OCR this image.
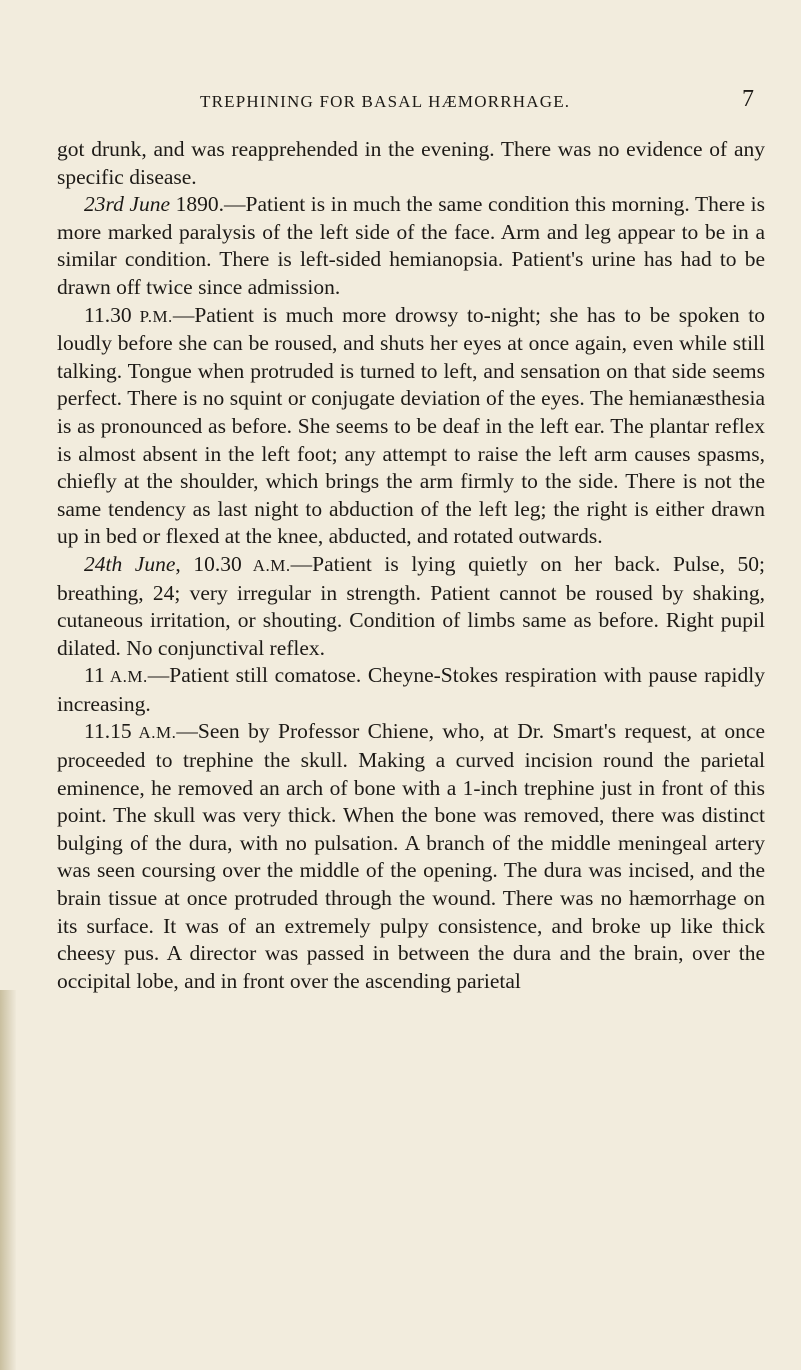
TREPHINING FOR BASAL HÆMORRHAGE.	7

got drunk, and was reapprehended in the evening. There was no evidence of any specific disease.

23rd June 1890.—Patient is in much the same condition this morning. There is more marked paralysis of the left side of the face. Arm and leg appear to be in a similar condition. There is left-sided hemianopsia. Patient's urine has had to be drawn off twice since admission.

11.30 P.M.—Patient is much more drowsy to-night; she has to be spoken to loudly before she can be roused, and shuts her eyes at once again, even while still talking. Tongue when protruded is turned to left, and sensation on that side seems perfect. There is no squint or conjugate deviation of the eyes. The hemianæsthesia is as pronounced as before. She seems to be deaf in the left ear. The plantar reflex is almost absent in the left foot; any attempt to raise the left arm causes spasms, chiefly at the shoulder, which brings the arm firmly to the side. There is not the same tendency as last night to abduction of the left leg; the right is either drawn up in bed or flexed at the knee, abducted, and rotated outwards.

24th June, 10.30 A.M.—Patient is lying quietly on her back. Pulse, 50; breathing, 24; very irregular in strength. Patient cannot be roused by shaking, cutaneous irritation, or shouting. Condition of limbs same as before. Right pupil dilated. No conjunctival reflex.

11 A.M.—Patient still comatose. Cheyne-Stokes respiration with pause rapidly increasing.

11.15 A.M.—Seen by Professor Chiene, who, at Dr. Smart's request, at once proceeded to trephine the skull. Making a curved incision round the parietal eminence, he removed an arch of bone with a 1-inch trephine just in front of this point. The skull was very thick. When the bone was removed, there was distinct bulging of the dura, with no pulsation. A branch of the middle meningeal artery was seen coursing over the middle of the opening. The dura was incised, and the brain tissue at once protruded through the wound. There was no hæmorrhage on its surface. It was of an extremely pulpy consistence, and broke up like thick cheesy pus. A director was passed in between the dura and the brain, over the occipital lobe, and in front over the ascending parietal
